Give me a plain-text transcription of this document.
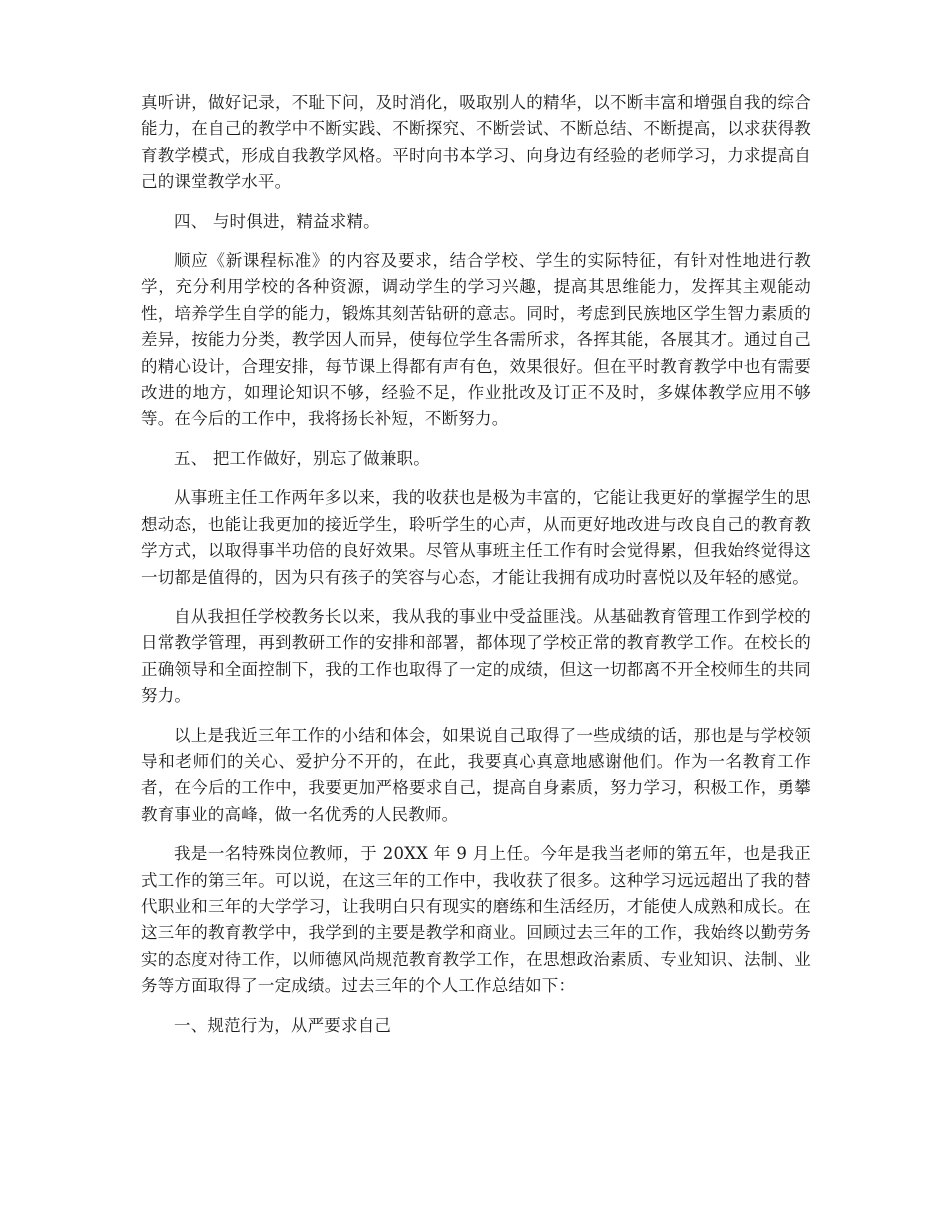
真听讲，做好记录，不耻下问，及时消化，吸取别人的精华，以不断丰富和增强自我的综合能力，在自己的教学中不断实践、不断探究、不断尝试、不断总结、不断提高，以求获得教育教学模式，形成自我教学风格。平时向书本学习、向身边有经验的老师学习，力求提高自己的课堂教学水平。

四、 与时俱进，精益求精。

顺应《新课程标准》的内容及要求，结合学校、学生的实际特征，有针对性地进行教学，充分利用学校的各种资源，调动学生的学习兴趣，提高其思维能力，发挥其主观能动性，培养学生自学的能力，锻炼其刻苦钻研的意志。同时，考虑到民族地区学生智力素质的差异，按能力分类，教学因人而异，使每位学生各需所求，各挥其能，各展其才。通过自己的精心设计，合理安排，每节课上得都有声有色，效果很好。但在平时教育教学中也有需要改进的地方，如理论知识不够，经验不足，作业批改及订正不及时，多媒体教学应用不够等。在今后的工作中，我将扬长补短，不断努力。

五、 把工作做好，别忘了做兼职。

从事班主任工作两年多以来，我的收获也是极为丰富的，它能让我更好的掌握学生的思想动态，也能让我更加的接近学生，聆听学生的心声，从而更好地改进与改良自己的教育教学方式，以取得事半功倍的良好效果。尽管从事班主任工作有时会觉得累，但我始终觉得这一切都是值得的，因为只有孩子的笑容与心态，才能让我拥有成功时喜悦以及年轻的感觉。

自从我担任学校教务长以来，我从我的事业中受益匪浅。从基础教育管理工作到学校的日常教学管理，再到教研工作的安排和部署，都体现了学校正常的教育教学工作。在校长的正确领导和全面控制下，我的工作也取得了一定的成绩，但这一切都离不开全校师生的共同努力。

以上是我近三年工作的小结和体会，如果说自己取得了一些成绩的话，那也是与学校领导和老师们的关心、爱护分不开的，在此，我要真心真意地感谢他们。作为一名教育工作者，在今后的工作中，我要更加严格要求自己，提高自身素质，努力学习，积极工作，勇攀教育事业的高峰，做一名优秀的人民教师。

我是一名特殊岗位教师，于 20XX 年 9 月上任。今年是我当老师的第五年，也是我正式工作的第三年。可以说，在这三年的工作中，我收获了很多。这种学习远远超出了我的替代职业和三年的大学学习，让我明白只有现实的磨练和生活经历，才能使人成熟和成长。在这三年的教育教学中，我学到的主要是教学和商业。回顾过去三年的工作，我始终以勤劳务实的态度对待工作，以师德风尚规范教育教学工作，在思想政治素质、专业知识、法制、业务等方面取得了一定成绩。过去三年的个人工作总结如下：

一、规范行为，从严要求自己
